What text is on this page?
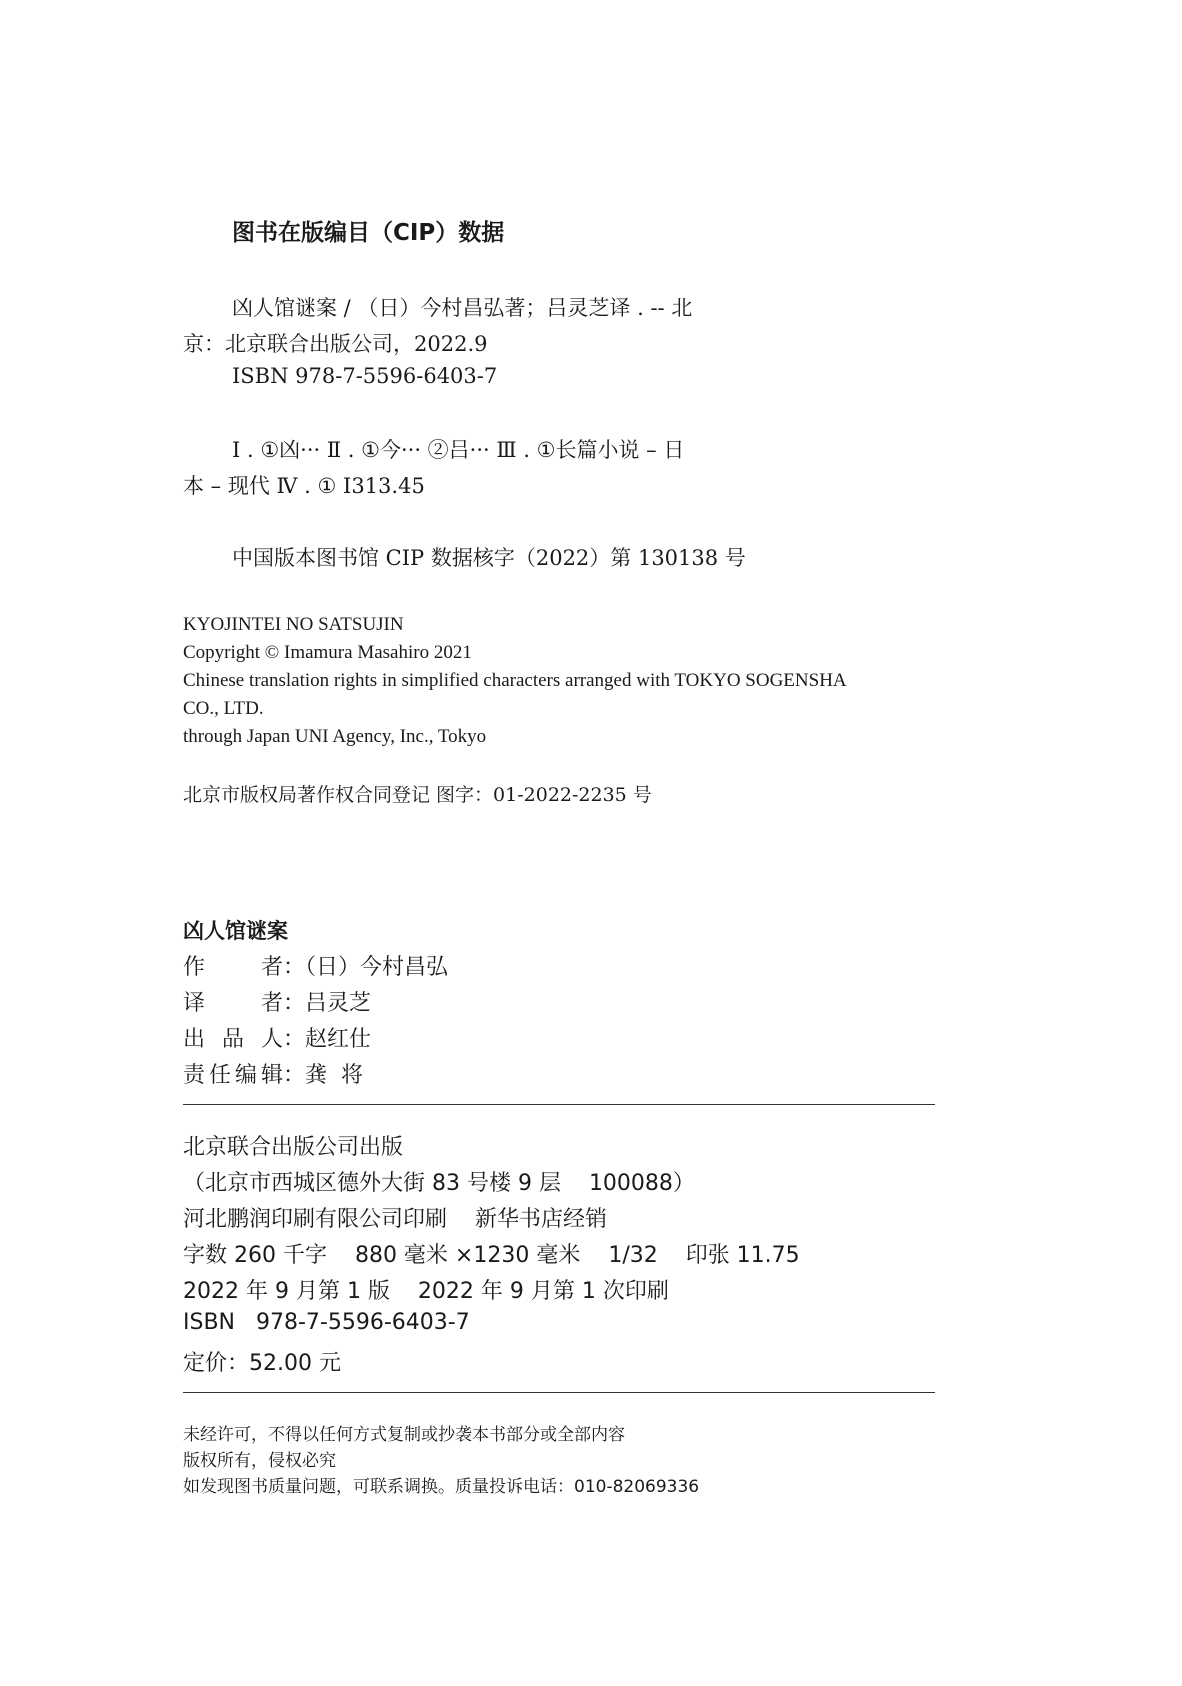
图书在版编目（CIP）数据
凶人馆谜案 / （日）今村昌弘著；吕灵芝译 . -- 北
京：北京联合出版公司，2022.9
ISBN 978-7-5596-6403-7
Ⅰ . ①凶··· Ⅱ . ①今··· ②吕··· Ⅲ . ①长篇小说 – 日
本 – 现代 Ⅳ . ① I313.45
中国版本图书馆 CIP 数据核字（2022）第 130138 号
KYOJINTEI NO SATSUJIN
Copyright © Imamura Masahiro 2021
Chinese translation rights in simplified characters arranged with TOKYO SOGENSHA
CO., LTD.
through Japan UNI Agency, Inc., Tokyo
北京市版权局著作权合同登记 图字：01-2022-2235 号
凶人馆谜案
作者：（日）今村昌弘
译者：吕灵芝
出品人：赵红仕
责任编辑：龚  将
北京联合出版公司出版
（北京市西城区德外大街 83 号楼 9 层    100088）
河北鹏润印刷有限公司印刷    新华书店经销
字数 260 千字    880 毫米 ×1230 毫米    1/32    印张 11.75
2022 年 9 月第 1 版    2022 年 9 月第 1 次印刷
ISBN   978-7-5596-6403-7
定价：52.00 元
未经许可，不得以任何方式复制或抄袭本书部分或全部内容
版权所有，侵权必究
如发现图书质量问题，可联系调换。质量投诉电话：010-82069336
